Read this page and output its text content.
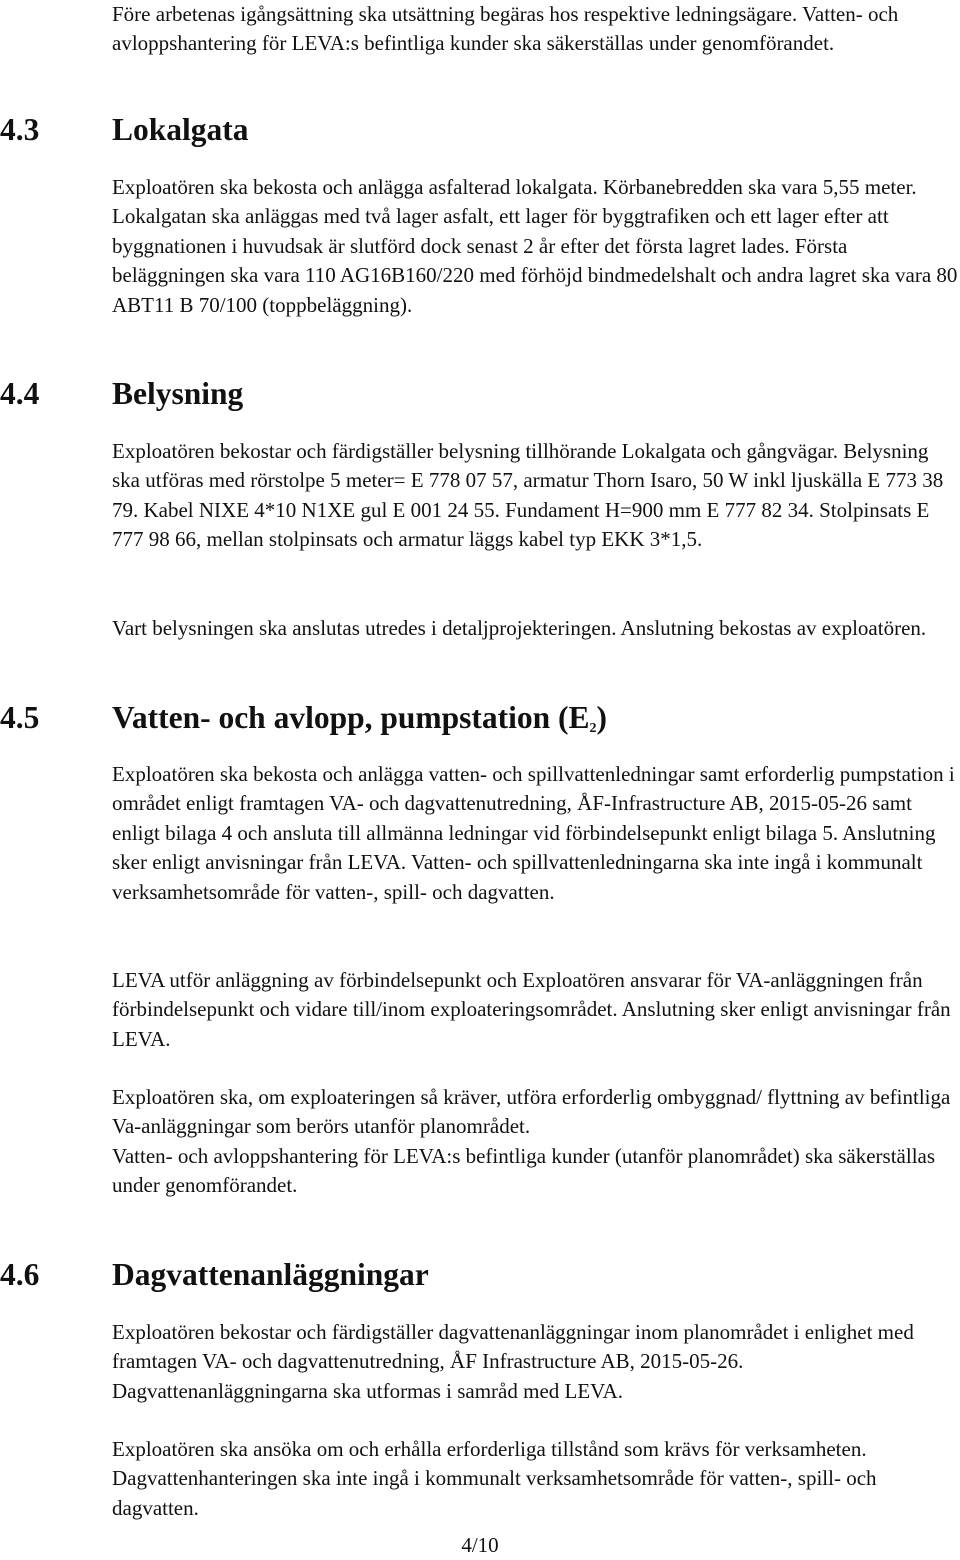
Före arbetenas igångsättning ska utsättning begäras hos respektive ledningsägare. Vatten- och avloppshantering för LEVA:s befintliga kunder ska säkerställas under genomförandet.

4.3 Lokalgata

Exploatören ska bekosta och anlägga asfalterad lokalgata. Körbanebredden ska vara 5,55 meter. Lokalgatan ska anläggas med två lager asfalt, ett lager för byggtrafiken och ett lager efter att byggnationen i huvudsak är slutförd dock senast 2 år efter det första lagret lades. Första beläggningen ska vara 110 AG16B160/220 med förhöjd bindmedelshalt och andra lagret ska vara 80 ABT11 B 70/100 (toppbeläggning).

4.4 Belysning

Exploatören bekostar och färdigställer belysning tillhörande Lokalgata och gångvägar. Belysning ska utföras med rörstolpe 5 meter= E 778 07 57, armatur Thorn Isaro, 50 W inkl ljuskälla E 773 38 79. Kabel NIXE 4*10 N1XE gul E 001 24 55. Fundament H=900 mm E 777 82 34. Stolpinsats E 777 98 66, mellan stolpinsats och armatur läggs kabel typ EKK 3*1,5.

Vart belysningen ska anslutas utredes i detaljprojekteringen. Anslutning bekostas av exploatören.

4.5 Vatten- och avlopp, pumpstation $(E_2)$

Exploatören ska bekosta och anlägga vatten- och spillvattenledningar samt erforderlig pumpstation i området enligt framtagen VA- och dagvattenutredning, ÅF-Infrastructure AB, 2015-05-26 samt enligt bilaga 4 och ansluta till allmänna ledningar vid förbindelsepunkt enligt bilaga 5. Anslutning sker enligt anvisningar från LEVA. Vatten- och spillvattenledningarna ska inte ingå i kommunalt verksamhetsområde för vatten-, spill- och dagvatten.

LEVA utför anläggning av förbindelsepunkt och Exploatören ansvarar för VA-anläggningen från förbindelsepunkt och vidare till/inom exploateringsområdet. Anslutning sker enligt anvisningar från LEVA.

Exploatören ska, om exploateringen så kräver, utföra erforderlig ombyggnad/ flyttning av befintliga Va-anläggningar som berörs utanför planområdet.

Vatten- och avloppshantering för LEVA:s befintliga kunder (utanför planområdet) ska säkerställas under genomförandet.

4.6 Dagvattenanläggningar

Exploatören bekostar och färdigställer dagvattenanläggningar inom planområdet i enlighet med framtagen VA- och dagvattenutredning, ÅF Infrastructure AB, 2015-05-26. Dagvattenanläggningarna ska utformas i samråd med LEVA.

Exploatören ska ansöka om och erhålla erforderliga tillstånd som krävs för verksamheten. Dagvattenhanteringen ska inte ingå i kommunalt verksamhetsområde för vatten-, spill- och dagvatten.

4/10
